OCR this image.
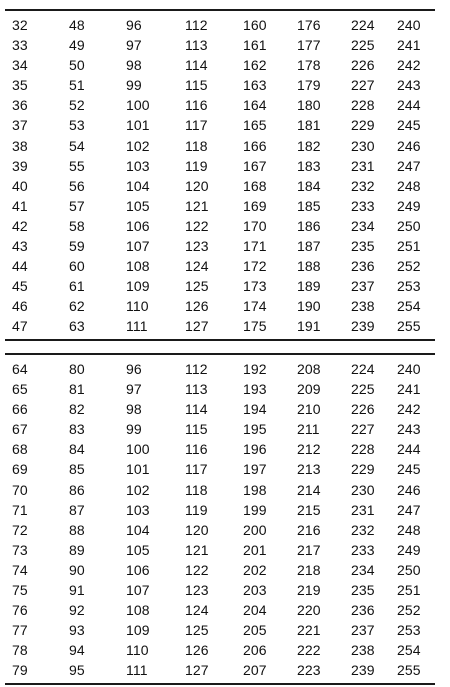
32	48	96	112	160	176	224	240
33	49	97	113	161	177	225	241
34	50	98	114	162	178	226	242
35	51	99	115	163	179	227	243
36	52	100	116	164	180	228	244
37	53	101	117	165	181	229	245
38	54	102	118	166	182	230	246
39	55	103	119	167	183	231	247
40	56	104	120	168	184	232	248
41	57	105	121	169	185	233	249
42	58	106	122	170	186	234	250
43	59	107	123	171	187	235	251
44	60	108	124	172	188	236	252
45	61	109	125	173	189	237	253
46	62	110	126	174	190	238	254
47	63	111	127	175	191	239	255
64	80	96	112	192	208	224	240
65	81	97	113	193	209	225	241
66	82	98	114	194	210	226	242
67	83	99	115	195	211	227	243
68	84	100	116	196	212	228	244
69	85	101	117	197	213	229	245
70	86	102	118	198	214	230	246
71	87	103	119	199	215	231	247
72	88	104	120	200	216	232	248
73	89	105	121	201	217	233	249
74	90	106	122	202	218	234	250
75	91	107	123	203	219	235	251
76	92	108	124	204	220	236	252
77	93	109	125	205	221	237	253
78	94	110	126	206	222	238	254
79	95	111	127	207	223	239	255
